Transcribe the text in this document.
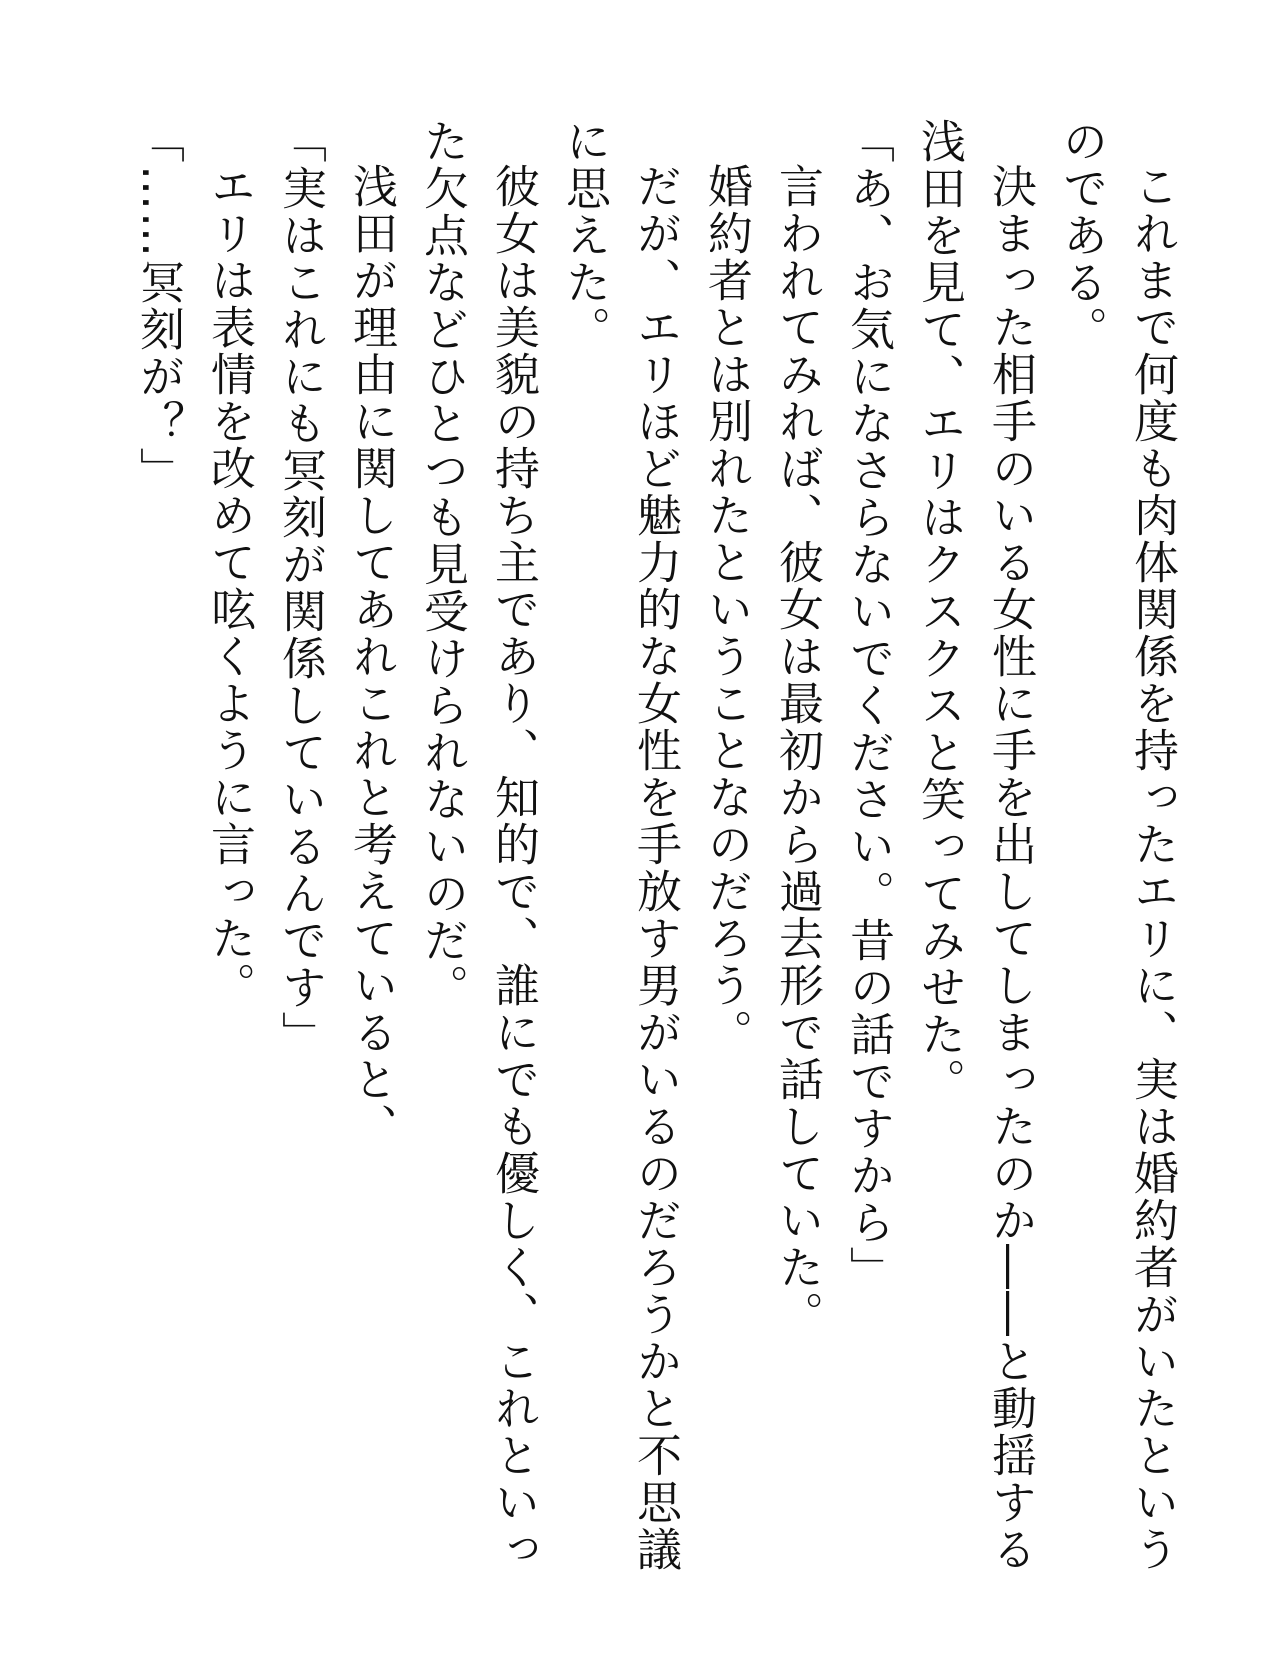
これまで何度も肉体関係を持ったエリに、実は婚約者がいたというのである。

決まった相手のいる女性に手を出してしまったのか――と動揺する浅田を見て、エリはクスクスと笑ってみせた。

「あ、お気になさらないでください。昔の話ですから」

言われてみれば、彼女は最初から過去形で話していた。

婚約者とは別れたということなのだろう。

だが、エリほど魅力的な女性を手放す男がいるのだろうかと不思議に思えた。

彼女は美貌の持ち主であり、知的で、誰にでも優しく、これといった欠点などひとつも見受けられないのだ。

浅田が理由に関してあれこれと考えていると、

「実はこれにも冥刻が関係しているんです」

エリは表情を改めて呟くように言った。

「……冥刻が？」
